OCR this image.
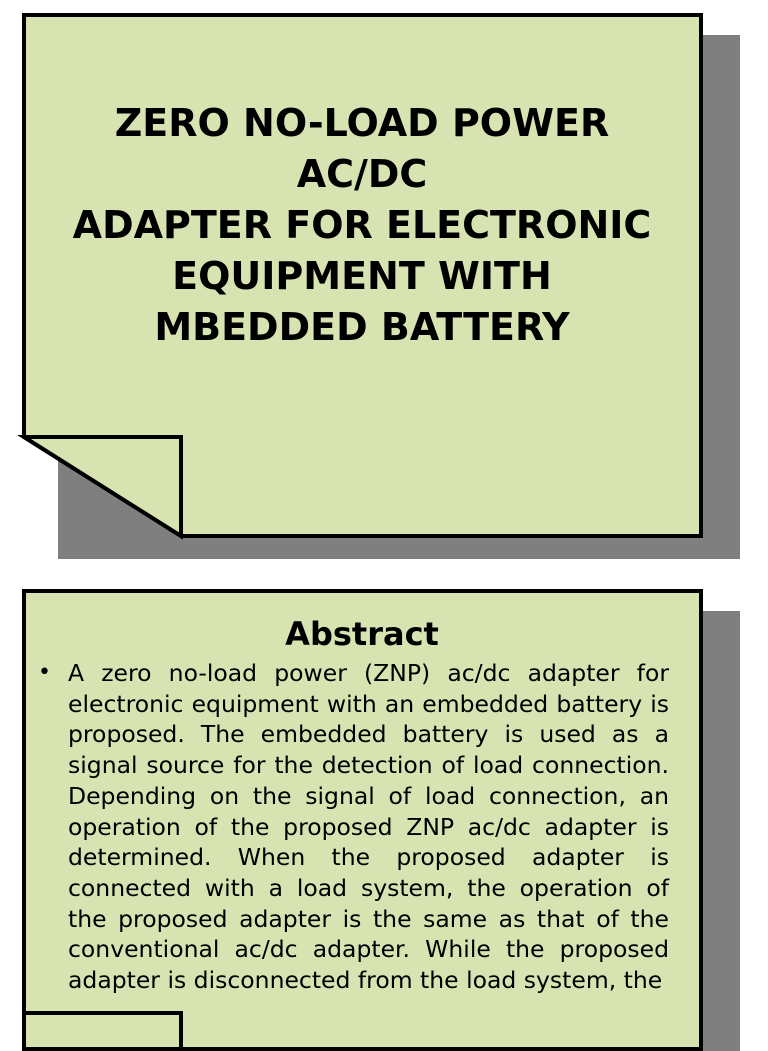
ZERO NO-LOAD POWER
AC/DC
ADAPTER FOR ELECTRONIC
EQUIPMENT WITH
MBEDDED BATTERY
Abstract
• A zero no-load power (ZNP) ac/dc adapter for electronic equipment with an embedded battery is proposed. The embedded battery is used as a signal source for the detection of load connection. Depending on the signal of load connection, an operation of the proposed ZNP ac/dc adapter is determined. When the proposed adapter is connected with a load system, the operation of the proposed adapter is the same as that of the conventional ac/dc adapter. While the proposed adapter is disconnected from the load system, the
